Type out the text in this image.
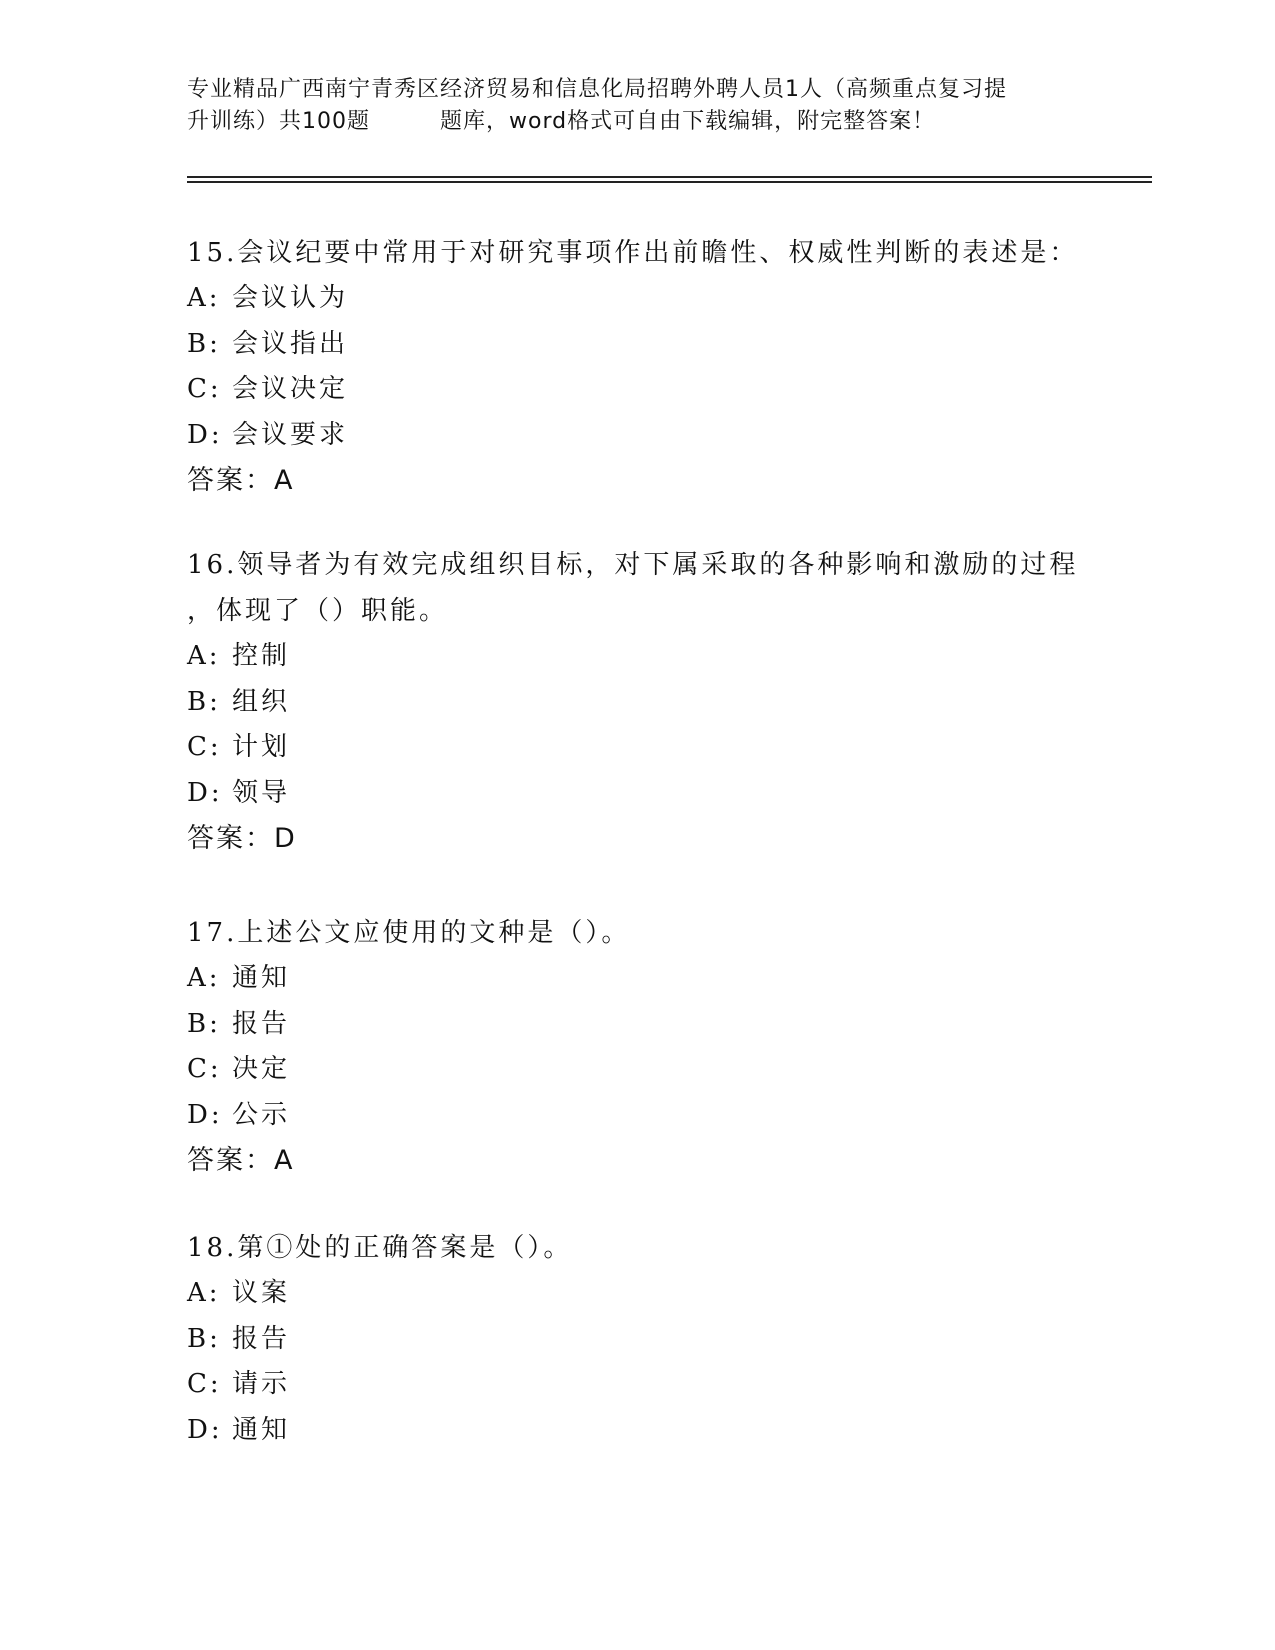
专业精品广西南宁青秀区经济贸易和信息化局招聘外聘人员1人（高频重点复习提
升训练）共100题	题库，word格式可自由下载编辑，附完整答案！
15.会议纪要中常用于对研究事项作出前瞻性、权威性判断的表述是：
A: 会议认为
B: 会议指出
C: 会议决定
D: 会议要求
答案：A
16.领导者为有效完成组织目标，对下属采取的各种影响和激励的过程
，体现了（）职能。
A: 控制
B: 组织
C: 计划
D: 领导
答案：D
17.上述公文应使用的文种是（）。
A: 通知
B: 报告
C: 决定
D: 公示
答案：A
18.第①处的正确答案是（）。
A: 议案
B: 报告
C: 请示
D: 通知
